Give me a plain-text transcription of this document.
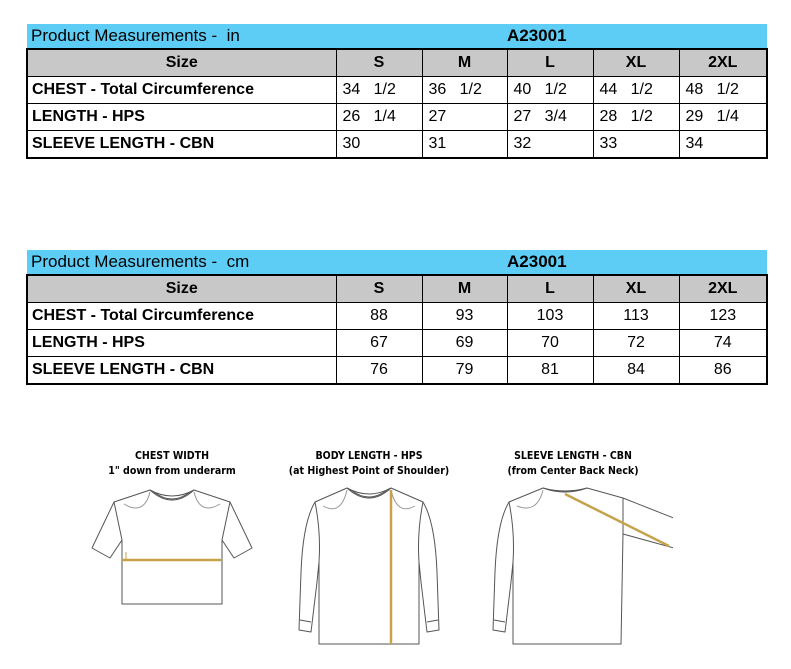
Product Measurements -  in			A23001		
Size	S	M	L	XL	2XL
CHEST - Total Circumference	34   1/2	36   1/2	40   1/2	44   1/2	48   1/2
LENGTH - HPS	26   1/4	27	27   3/4	28   1/2	29   1/4
SLEEVE LENGTH - CBN	30	31	32	33	34
Product Measurements -  cm			A23001		
Size	S	M	L	XL	2XL
CHEST - Total Circumference	88	93	103	113	123
LENGTH - HPS	67	69	70	72	74
SLEEVE LENGTH - CBN	76	79	81	84	86
CHEST WIDTH
1" down from underarm
BODY LENGTH - HPS
(at Highest Point of Shoulder)
SLEEVE LENGTH - CBN
(from Center Back Neck)
